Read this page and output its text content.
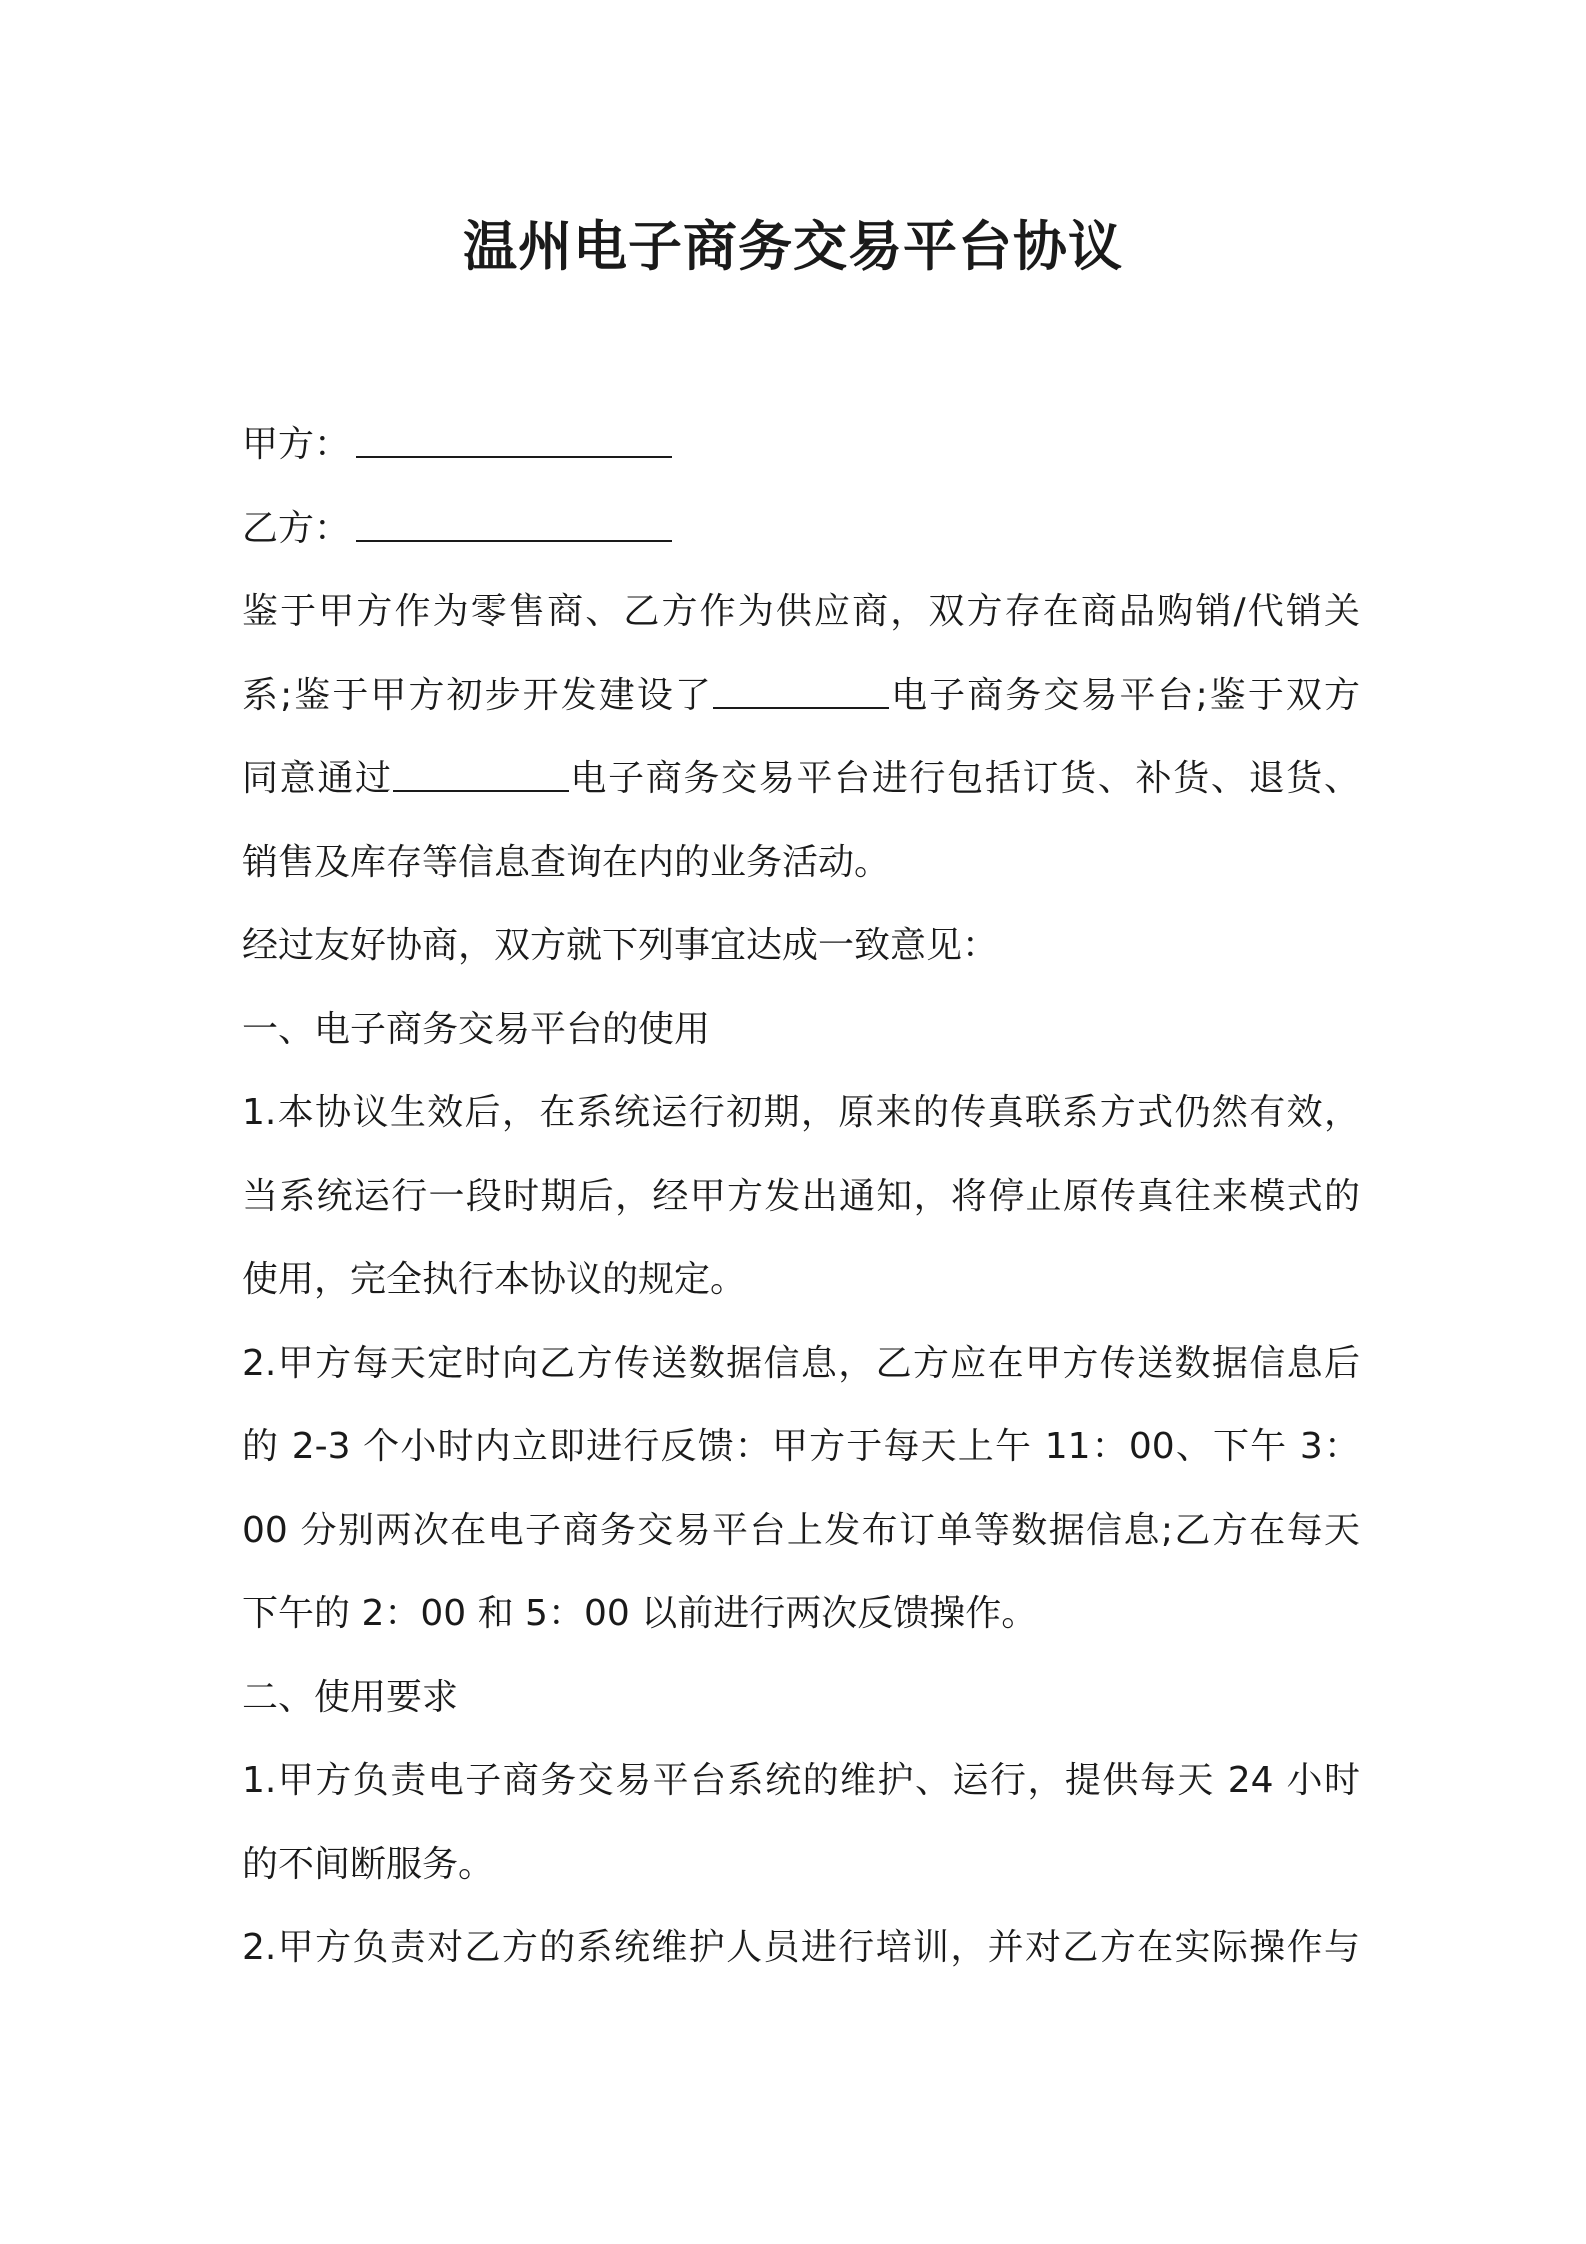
温州电子商务交易平台协议
甲方：
乙方：
鉴于甲方作为零售商、乙方作为供应商，双方存在商品购销/代销关
系;鉴于甲方初步开发建设了	电子商务交易平台;鉴于双方
同意通过	电子商务交易平台进行包括订货、补货、退货、
销售及库存等信息查询在内的业务活动。
经过友好协商，双方就下列事宜达成一致意见：
一、电子商务交易平台的使用
1.本协议生效后，在系统运行初期，原来的传真联系方式仍然有效，
当系统运行一段时期后，经甲方发出通知，将停止原传真往来模式的
使用，完全执行本协议的规定。
2.甲方每天定时向乙方传送数据信息，乙方应在甲方传送数据信息后
的 2-3 个小时内立即进行反馈：甲方于每天上午 11：00、下午 3：
00 分别两次在电子商务交易平台上发布订单等数据信息;乙方在每天
下午的 2：00 和 5：00 以前进行两次反馈操作。
二、使用要求
1.甲方负责电子商务交易平台系统的维护、运行，提供每天 24 小时
的不间断服务。
2.甲方负责对乙方的系统维护人员进行培训，并对乙方在实际操作与
